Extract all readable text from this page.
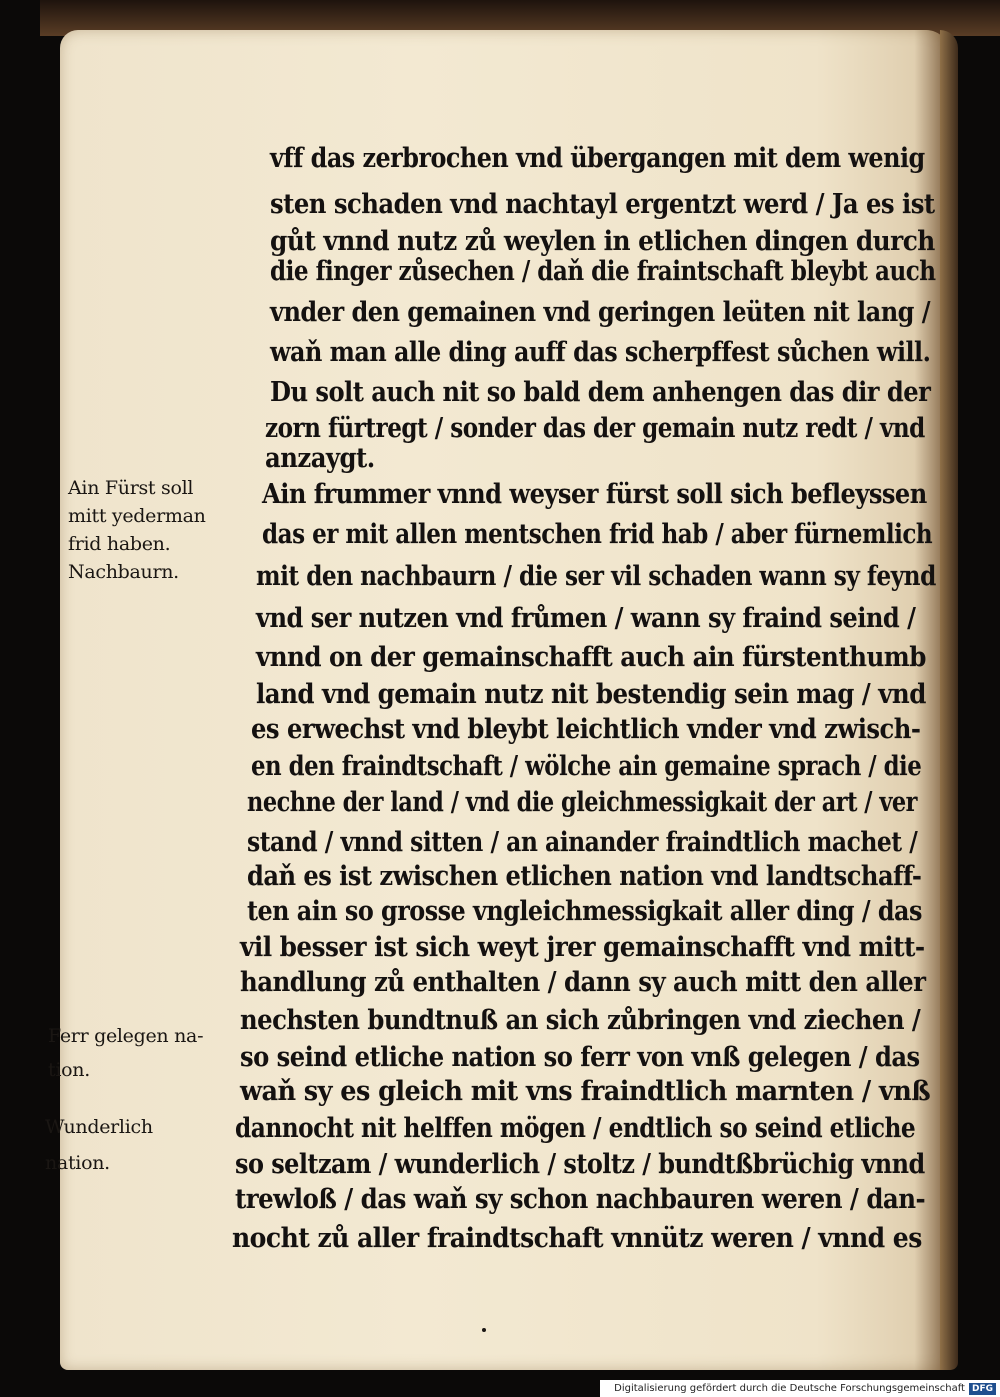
vff das zerbrochen vnd übergangen mit dem wenig
sten schaden vnd nachtayl ergentzt werd / Ja es ist
gůt vnnd nutz zů weylen in etlichen dingen durch
die finger zůsechen / daň die fraintschaft bleybt auch
vnder den gemainen vnd geringen leüten nit lang /
waň man alle ding auff das scherpffest sůchen will.
Du solt auch nit so bald dem anhengen das dir der
zorn fürtregt / sonder das der gemain nutz redt / vnd
anzaygt.
Ain frummer vnnd weyser fürst soll sich befleyssen
das er mit allen mentschen frid hab / aber fürnemlich
mit den nachbaurn / die ser vil schaden wann sy feynd
vnd ser nutzen vnd frůmen / wann sy fraind seind /
vnnd on der gemainschafft auch ain fürstenthumb
land vnd gemain nutz nit bestendig sein mag / vnd
es erwechst vnd bleybt leichtlich vnder vnd zwisch-
en den fraindtschaft / wölche ain gemaine sprach / die
nechne der land / vnd die gleichmessigkait der art / ver
stand / vnnd sitten / an ainander fraindtlich machet /
daň es ist zwischen etlichen nation vnd landtschaff-
ten ain so grosse vngleichmessigkait aller ding / das
vil besser ist sich weyt jrer gemainschafft vnd mitt-
handlung zů enthalten / dann sy auch mitt den aller
nechsten bundtnuß an sich zůbringen vnd ziechen /
so seind etliche nation so ferr von vnß gelegen / das
waň sy es gleich mit vns fraindtlich marnten / vnß
dannocht nit helffen mögen / endtlich so seind etliche
so seltzam / wunderlich / stoltz / bundtßbrüchig vnnd
trewloß / das waň sy schon nachbauren weren / dan-
nocht zů aller fraindtschaft vnnütz weren / vnnd es
Ain Fürst soll
mitt yederman
frid haben.
Nachbaurn.
Ferr gelegen na-
tion.
Wunderlich
nation.
Digitalisierung gefördert durch die Deutsche Forschungsgemeinschaft DFG
